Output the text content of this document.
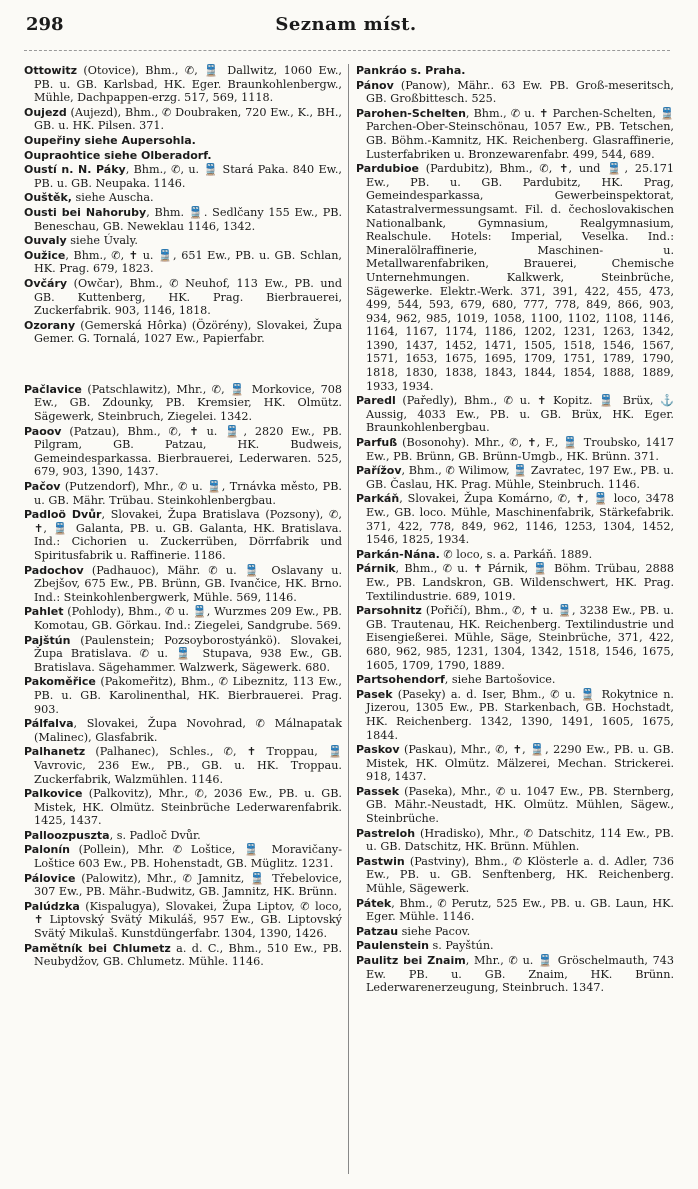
298	Seznam míst.

Ottowitz (Otovice), Bhm., ✆, 🚆 Dallwitz, 1060 Ew., PB. u. GB. Karlsbad, HK. Eger. Braunkohlenbergw., Mühle, Dachpappen-erzg. 517, 569, 1118.

Oujezd (Aujezd), Bhm., ✆ Doubraken, 720 Ew., K., BH., GB. u. HK. Pilsen. 371.

Oupeřiny siehe Aupersohla.

Oupraohtice siehe Olberadorf.

Oustí n. N. Páky, Bhm., ✆, u. 🚆 Stará Paka. 840 Ew., PB. u. GB. Neupaka. 1146.

Ouštěk, siehe Auscha.

Ousti bei Nahoruby, Bhm. 🚆. Sedlčany 155 Ew., PB. Beneschau, GB. Neweklau 1146, 1342.

Ouvaly siehe Úvaly.

Oužice, Bhm., ✆, ✝ u. 🚆, 651 Ew., PB. u. GB. Schlan, HK. Prag. 679, 1823.

Ovčáry (Owčar), Bhm., ✆ Neuhof, 113 Ew., PB. und GB. Kuttenberg, HK. Prag. Bierbrauerei, Zuckerfabrik. 903, 1146, 1818.

Ozorany (Gemerská Hôrka) (Özörény), Slovakei, Župa Gemer. G. Tornalá, 1027 Ew., Papierfabr.

Pačlavice (Patschlawitz), Mhr., ✆, 🚆 Morkovice, 708 Ew., GB. Zdounky, PB. Kremsier, HK. Olmütz. Sägewerk, Steinbruch, Ziegelei. 1342.

Paoov (Patzau), Bhm., ✆, ✝ u. 🚆, 2820 Ew., PB. Pilgram, GB. Patzau, HK. Budweis, Gemeindesparkassa. Bierbrauerei, Lederwaren. 525, 679, 903, 1390, 1437.

Pačov (Putzendorf), Mhr., ✆ u. 🚆, Trnávka město, PB. u. GB. Mähr. Trübau. Steinkohlenbergbau.

Padloö Dvůr, Slovakei, Župa Bratislava (Pozsony), ✆, ✝, 🚆 Galanta, PB. u. GB. Galanta, HK. Bratislava. Ind.: Cichorien u. Zuckerrüben, Dörrfabrik und Spiritusfabrik u. Raffinerie. 1186.

Padochov (Padhauoc), Mähr. ✆ u. 🚆 Oslavany u. Zbejšov, 675 Ew., PB. Brünn, GB. Ivančice, HK. Brno. Ind.: Steinkohlenbergwerk, Mühle. 569, 1146.

Pahlet (Pohlody), Bhm., ✆ u. 🚆, Wurzmes 209 Ew., PB. Komotau, GB. Görkau. Ind.: Ziegelei, Sandgrube. 569.

Pajštún (Paulenstein; Pozsoyborostyánkö). Slovakei, Župa Bratislava. ✆ u. 🚆 Stupava, 938 Ew., GB. Bratislava. Sägehammer. Walzwerk, Sägewerk. 680.

Pakoměřice (Pakomeřitz), Bhm., ✆ Libeznitz, 113 Ew., PB. u. GB. Karolinenthal, HK. Bierbrauerei. Prag. 903.

Pálfalva, Slovakei, Župa Novohrad, ✆ Málnapatak (Malinec), Glasfabrik.

Palhanetz (Palhanec), Schles., ✆, ✝ Troppau, 🚆 Vavrovic, 236 Ew., PB., GB. u. HK. Troppau. Zuckerfabrik, Walzmühlen. 1146.

Palkovice (Palkovitz), Mhr., ✆, 2036 Ew., PB. u. GB. Mistek, HK. Olmütz. Steinbrüche Lederwarenfabrik. 1425, 1437.

Palloozpuszta, s. Padloč Dvůr.

Palonín (Pollein), Mhr. ✆ Loštice, 🚆 Moravičany-Loštice 603 Ew., PB. Hohenstadt, GB. Müglitz. 1231.

Pálovice (Palowitz), Mhr., ✆ Jamnitz, 🚆 Třebelovice, 307 Ew., PB. Mähr.-Budwitz, GB. Jamnitz, HK. Brünn.

Palúdzka (Kispalugya), Slovakei, Župa Liptov, ✆ loco, ✝ Liptovský Svätý Mikuláš, 957 Ew., GB. Liptovský Svätý Mikulaš. Kunstdüngerfabr. 1304, 1390, 1426.

Pamětník bei Chlumetz a. d. C., Bhm., 510 Ew., PB. Neubydžov, GB. Chlumetz. Mühle. 1146.

Pankráo s. Praha.

Pánov (Panow), Mähr.. 63 Ew. PB. Groß-meseritsch, GB. Großbittesch. 525.

Parohen-Schelten, Bhm., ✆ u. ✝ Parchen-Schelten, 🚆 Parchen-Ober-Steinschönau, 1057 Ew., PB. Tetschen, GB. Böhm.-Kamnitz, HK. Reichenberg. Glasraffinerie, Lusterfabriken u. Bronzewarenfabr. 499, 544, 689.

Pardubioe (Pardubitz), Bhm., ✆, ✝, und 🚆, 25.171 Ew., PB. u. GB. Pardubitz, HK. Prag, Gemeindesparkassa, Gewerbeinspektorat, Katastralvermessungsamt. Fil. d. čechoslovakischen Nationalbank, Gymnasium, Realgymnasium, Realschule. Hotels: Imperial, Veselka. Ind.: Mineralölraffinerie, Maschinen- u. Metallwarenfabriken, Brauerei, Chemische Unternehmungen. Kalkwerk, Steinbrüche, Sägewerke. Elektr.-Werk. 371, 391, 422, 455, 473, 499, 544, 593, 679, 680, 777, 778, 849, 866, 903, 934, 962, 985, 1019, 1058, 1100, 1102, 1108, 1146, 1164, 1167, 1174, 1186, 1202, 1231, 1263, 1342, 1390, 1437, 1452, 1471, 1505, 1518, 1546, 1567, 1571, 1653, 1675, 1695, 1709, 1751, 1789, 1790, 1818, 1830, 1838, 1843, 1844, 1854, 1888, 1889, 1933, 1934.

Paredl (Paředly), Bhm., ✆ u. ✝ Kopitz. 🚆 Brüx, ⚓ Aussig, 4033 Ew., PB. u. GB. Brüx, HK. Eger. Braunkohlenbergbau.

Parfuß (Bosonohy). Mhr., ✆, ✝, F., 🚆 Troubsko, 1417 Ew., PB. Brünn, GB. Brünn-Umgb., HK. Brünn. 371.

Pařížov, Bhm., ✆ Wilimow, 🚆 Zavratec, 197 Ew., PB. u. GB. Časlau, HK. Prag. Mühle, Steinbruch. 1146.

Parkáň, Slovakei, Župa Komárno, ✆, ✝, 🚆 loco, 3478 Ew., GB. loco. Mühle, Maschinenfabrik, Stärkefabrik. 371, 422, 778, 849, 962, 1146, 1253, 1304, 1452, 1546, 1825, 1934.

Parkán-Nána. ✆ loco, s. a. Parkáň. 1889.

Párnik, Bhm., ✆ u. ✝ Párnik, 🚆 Böhm. Trübau, 2888 Ew., PB. Landskron, GB. Wildenschwert, HK. Prag. Textilindustrie. 689, 1019.

Parsohnitz (Pořičí), Bhm., ✆, ✝ u. 🚆, 3238 Ew., PB. u. GB. Trautenau, HK. Reichenberg. Textilindustrie und Eisengießerei. Mühle, Säge, Steinbrüche, 371, 422, 680, 962, 985, 1231, 1304, 1342, 1518, 1546, 1675, 1605, 1709, 1790, 1889.

Partsohendorf, siehe Bartošovice.

Pasek (Paseky) a. d. Iser, Bhm., ✆ u. 🚆 Rokytnice n. Jizerou, 1305 Ew., PB. Starkenbach, GB. Hochstadt, HK. Reichenberg. 1342, 1390, 1491, 1605, 1675, 1844.

Paskov (Paskau), Mhr., ✆, ✝, 🚆, 2290 Ew., PB. u. GB. Mistek, HK. Olmütz. Mälzerei, Mechan. Strickerei. 918, 1437.

Passek (Paseka), Mhr., ✆ u. 1047 Ew., PB. Sternberg, GB. Mähr.-Neustadt, HK. Olmütz. Mühlen, Sägew., Steinbrüche.

Pastreloh (Hradisko), Mhr., ✆ Datschitz, 114 Ew., PB. u. GB. Datschitz, HK. Brünn. Mühlen.

Pastwin (Pastviny), Bhm., ✆ Klösterle a. d. Adler, 736 Ew., PB. u. GB. Senftenberg, HK. Reichenberg. Mühle, Sägewerk.

Pátek, Bhm., ✆ Perutz, 525 Ew., PB. u. GB. Laun, HK. Eger. Mühle. 1146.

Patzau siehe Pacov.

Paulenstein s. Payštún.

Paulitz bei Znaim, Mhr., ✆ u. 🚆 Gröschelmauth, 743 Ew. PB. u. GB. Znaim, HK. Brünn. Lederwarenerzeugung, Steinbruch. 1347.
